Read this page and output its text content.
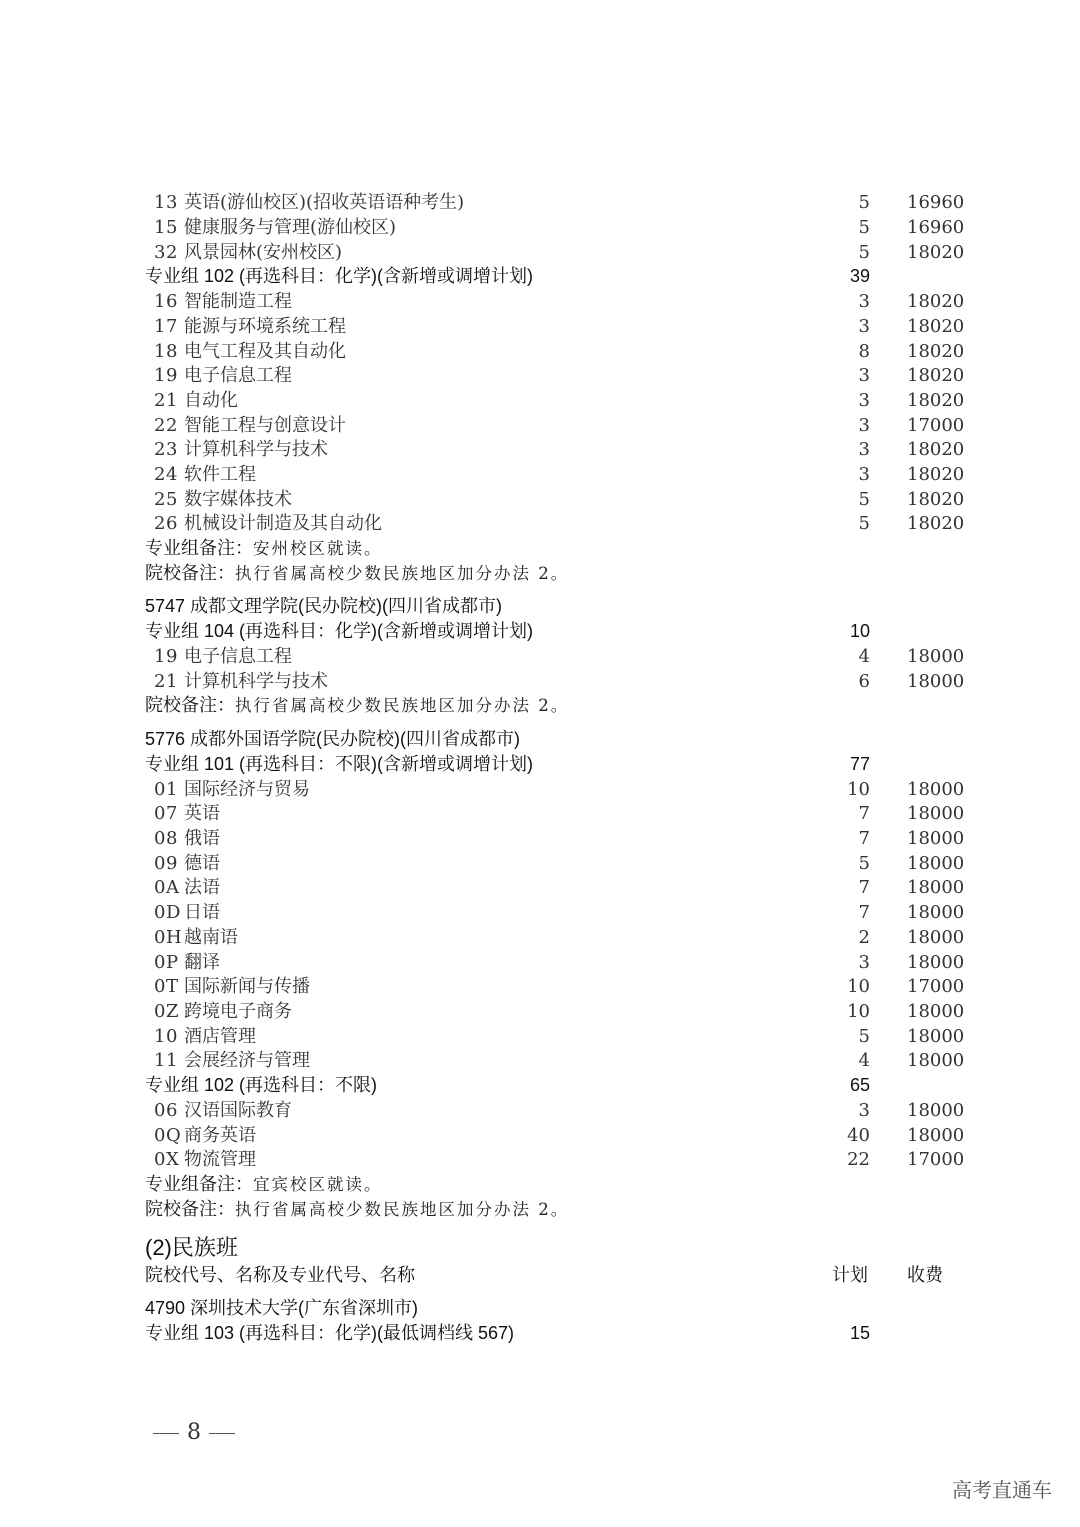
13 英语(游仙校区)(招收英语语种考生)	5 16960
15 健康服务与管理(游仙校区)	5 16960
32 风景园林(安州校区)	5 18020
专业组 102 (再选科目：化学)(含新增或调增计划)	39
16 智能制造工程	3 18020
17 能源与环境系统工程	3 18020
18 电气工程及其自动化	8 18020
19 电子信息工程	3 18020
21 自动化	3 18020
22 智能工程与创意设计	3 17000
23 计算机科学与技术	3 18020
24 软件工程	3 18020
25 数字媒体技术	5 18020
26 机械设计制造及其自动化	5 18020
专业组备注：安州校区就读。
院校备注：执行省属高校少数民族地区加分办法 2。
5747 成都文理学院(民办院校)(四川省成都市)
专业组 104 (再选科目：化学)(含新增或调增计划)	10
19 电子信息工程	4 18000
21 计算机科学与技术	6 18000
院校备注：执行省属高校少数民族地区加分办法 2。
5776 成都外国语学院(民办院校)(四川省成都市)
专业组 101 (再选科目：不限)(含新增或调增计划)	77
01 国际经济与贸易	10 18000
07 英语	7 18000
08 俄语	7 18000
09 德语	5 18000
0A 法语	7 18000
0D 日语	7 18000
0H 越南语	2 18000
0P 翻译	3 18000
0T 国际新闻与传播	10 17000
0Z 跨境电子商务	10 18000
10 酒店管理	5 18000
11 会展经济与管理	4 18000
专业组 102 (再选科目：不限)	65
06 汉语国际教育	3 18000
0Q 商务英语	40 18000
0X 物流管理	22 17000
专业组备注：宜宾校区就读。
院校备注：执行省属高校少数民族地区加分办法 2。
(2)民族班
院校代号、名称及专业代号、名称	计划 收费
4790 深圳技术大学(广东省深圳市)
专业组 103 (再选科目：化学)(最低调档线 567)	15
8
高考直通车
